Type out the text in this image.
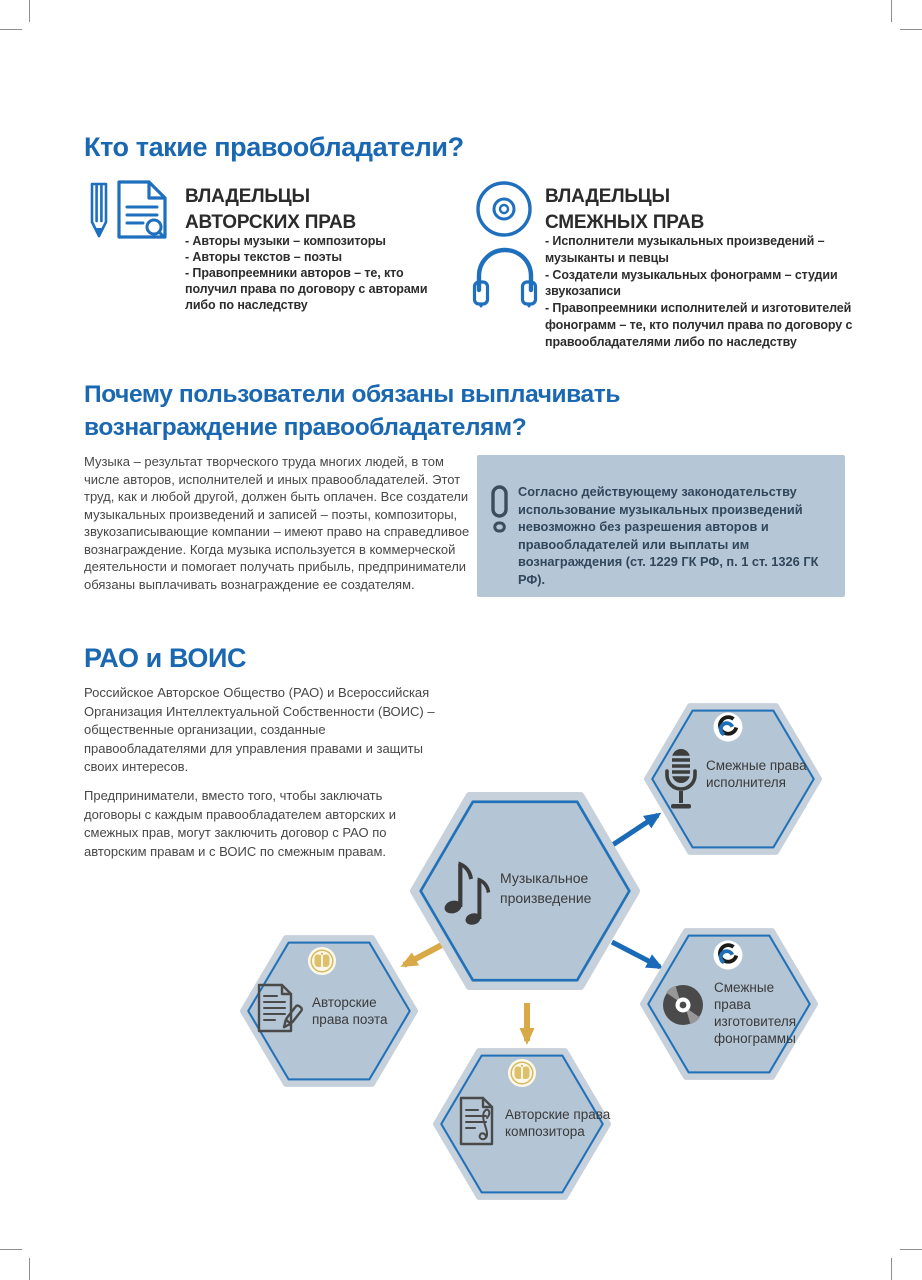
Кто такие правообладатели?
ВЛАДЕЛЬЦЫ
АВТОРСКИХ ПРАВ
- Авторы музыки – композиторы
- Авторы текстов – поэты
- Правопреемники авторов – те, кто получил права по договору с авторами либо по наследству
ВЛАДЕЛЬЦЫ
СМЕЖНЫХ ПРАВ
- Исполнители музыкальных произведений – музыканты и певцы
- Создатели музыкальных фонограмм – студии звукозаписи
- Правопреемники исполнителей и изготовителей фонограмм – те, кто получил права по договору с правообладателями либо по наследству
Почему пользователи обязаны выплачивать
вознаграждение правообладателям?
Музыка – результат творческого труда многих людей, в том числе авторов, исполнителей и иных правообладателей. Этот труд, как и любой другой, должен быть оплачен. Все создатели музыкальных произведений и записей – поэты, композиторы, звукозаписывающие компании – имеют право на справедливое вознаграждение. Когда музыка используется в коммерческой деятельности и помогает получать прибыль, предприниматели обязаны выплачивать вознаграждение ее создателям.
Согласно действующему законодательству использование музыкальных произведений невозможно без разрешения авторов и правообладателей или выплаты им вознаграждения (ст. 1229 ГК РФ, п. 1 ст. 1326 ГК РФ).
РАО и ВОИС
Российское Авторское Общество (РАО) и Всероссийская Организация Интеллектуальной Собственности (ВОИС) – общественные организации, созданные правообладателями для управления правами и защиты своих интересов.
Предприниматели, вместо того, чтобы заключать договоры с каждым правообладателем авторских и смежных прав, могут заключить договор с РАО по авторским правам и с ВОИС по смежным правам.
Музыкальное произведение
Смежные права исполнителя
Смежные права изготовителя фонограммы
Авторские права поэта
Авторские права композитора
